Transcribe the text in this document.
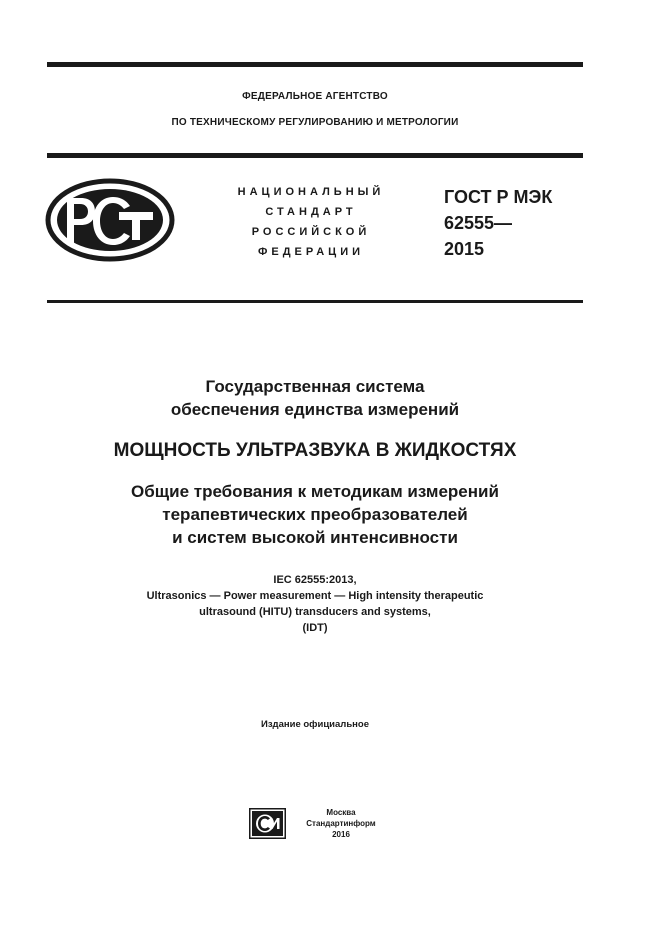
ФЕДЕРАЛЬНОЕ АГЕНТСТВО
ПО ТЕХНИЧЕСКОМУ РЕГУЛИРОВАНИЮ И МЕТРОЛОГИИ
НАЦИОНАЛЬНЫЙ
СТАНДАРТ
РОССИЙСКОЙ
ФЕДЕРАЦИИ
ГОСТ Р МЭК
62555—
2015
Государственная система
обеспечения единства измерений
МОЩНОСТЬ УЛЬТРАЗВУКА В ЖИДКОСТЯХ
Общие требования к методикам измерений
терапевтических преобразователей
и систем высокой интенсивности
IEC 62555:2013,
Ultrasonics — Power measurement — High intensity therapeutic
ultrasound (HITU) transducers and systems,
(IDT)
Издание официальное
Москва
Стандартинформ
2016
